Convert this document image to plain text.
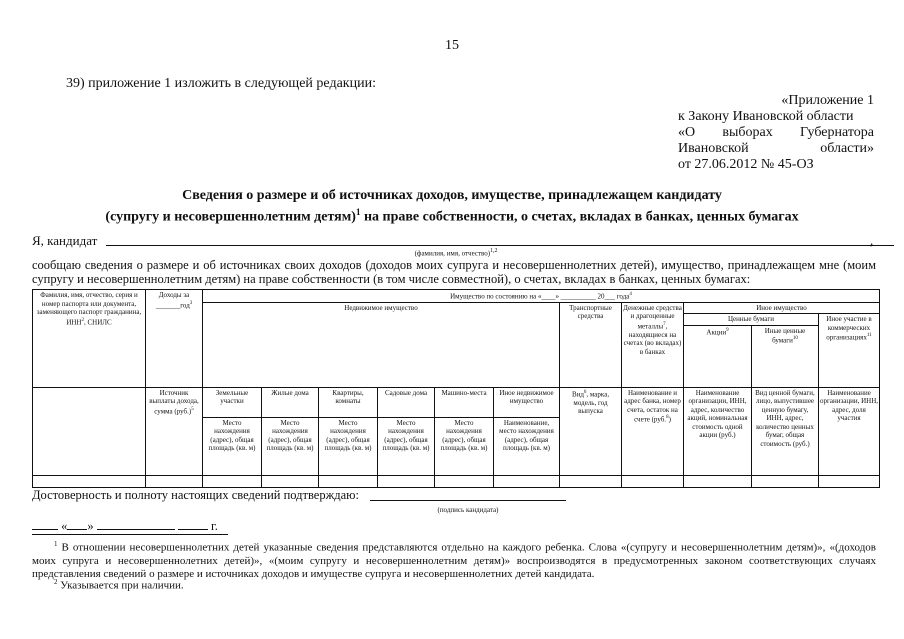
15
39) приложение 1 изложить в следующей редакции:
«Приложение 1
к Закону Ивановской области
«О выборах Губернатора
Ивановской области»
от 27.06.2012 № 45-ОЗ
Сведения о размере и об источниках доходов, имуществе, принадлежащем кандидату
(супругу и несовершеннолетним детям)$^1$ на праве собственности, о счетах, вкладах в банках, ценных бумагах
Я, кандидат	,
(фамилия, имя, отчество)$^{1,2}$
сообщаю сведения о размере и об источниках своих доходов (доходов моих супруга и несовершеннолетних детей), имущество, принадлежащем мне (моим супругу и несовершеннолетним детям) на праве собственности (в том числе совместной), о счетах, вкладах в банках, ценных бумагах:
Фамилия, имя, отчество, серия и номер паспорта или документа, заменяющего паспорт гражданина, ИНН$^2$, СНИЛС	Доходы за
_______год$^3$	Имущество по состоянию на «____» __________ 20___ года$^4$
		Недвижимое имущество						Транспортные средства	Денежные средства и драгоценные металлы$^7$, находящиеся на счетах (во вкладах) в банках	Иное имущество		
										Ценные бумаги		Иное участие в коммерческих организациях$^{11}$
										Акции$^9$	Иные ценные бумаги$^{10}$
	Источник выплаты дохода, сумма $(руб.)^5$	Земельные участки	Жилые дома	Квартиры, комнаты	Садовые дома	Машино-места	Иное недвижимое имущество	Вид$^6$, марка, модель, год выпуска	Наименование и адрес банка, номер счета, остаток на счете (руб.$^8$)	Наименование организации, ИНН, адрес, количество акций, номинальная стоимость одной акции (руб.)	Вид ценной бумаги, лицо, выпустившее ценную бумагу, ИНН, адрес, количество ценных бумаг, общая стоимость (руб.)	Наименование организации, ИНН, адрес, доля участия
		Место нахождения (адрес), общая площадь (кв. м)	Место нахождения (адрес), общая площадь (кв. м)	Место нахождения (адрес), общая площадь (кв. м)	Место нахождения (адрес), общая площадь (кв. м)	Место нахождения (адрес), общая площадь (кв. м)	Наименование, место нахождения (адрес), общая площадь (кв. м)					

Достоверность и полноту настоящих сведений подтверждаю:
(подпись кандидата)
« »	г.
$^1$ В отношении несовершеннолетних детей указанные сведения представляются отдельно на каждого ребенка. Слова «(супругу и несовершеннолетним детям)», «(доходов моих супруга и несовершеннолетних детей)», «(моим супругу и несовершеннолетним детям)» воспроизводятся в предусмотренных законом соответствующих случаях представления сведений о размере и источниках доходов и имуществе супруга и несовершеннолетних детей кандидата.
$^2$ Указывается при наличии.
